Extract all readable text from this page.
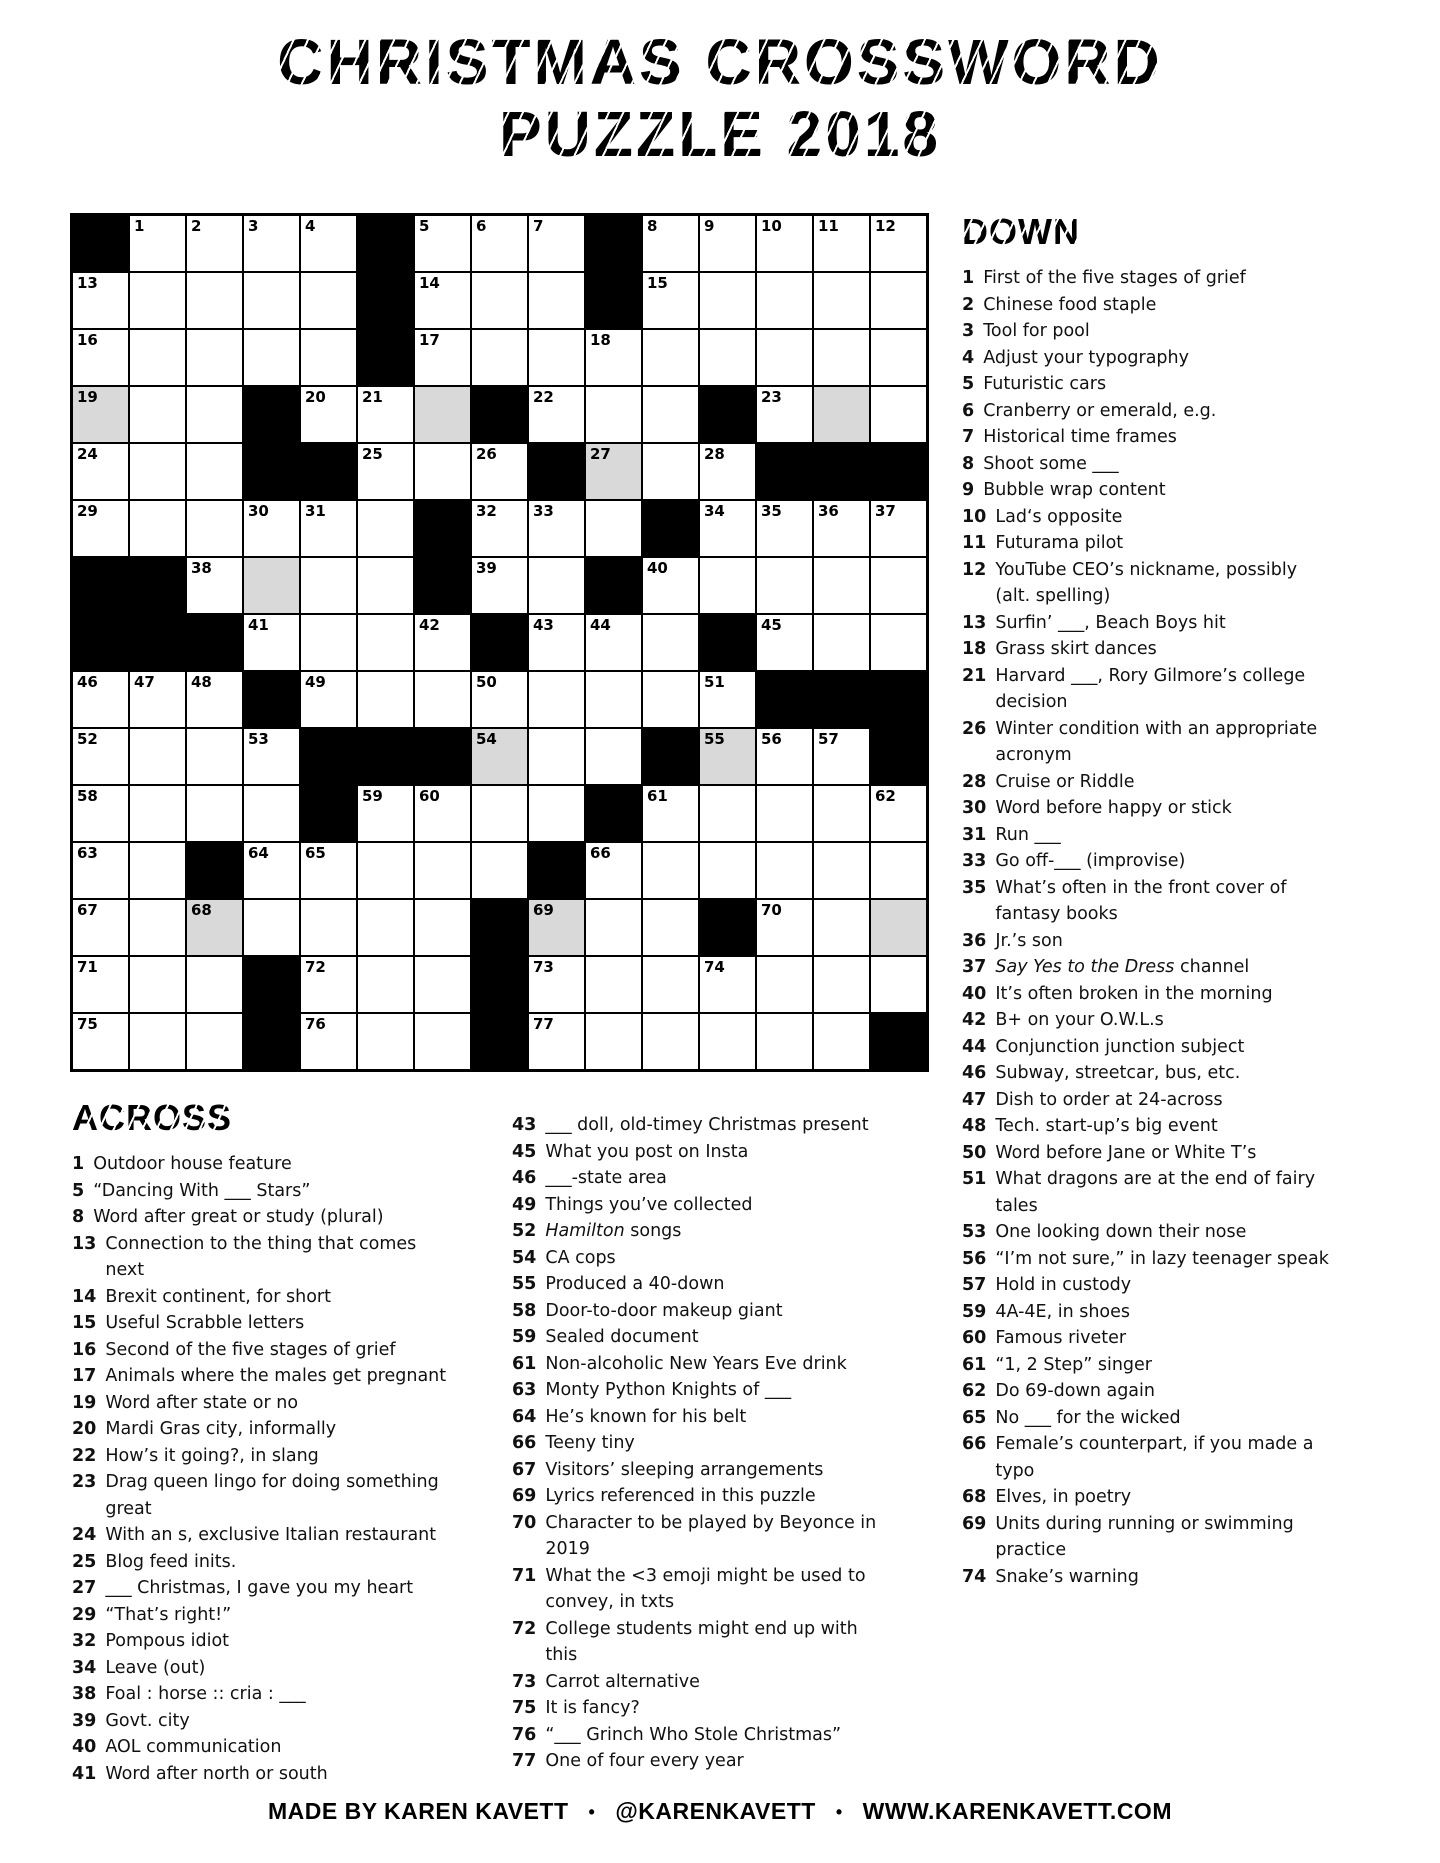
CHRISTMAS CROSSWORD
PUZZLE 2018
1	2	3	4	5	6	7	8	9	10 11 12
13	14	15
16	17	18
19	20 21	22	23
24	25	26	27	28
29	30 31	32 33	34 35 36 37
38	39	40
41	42	43 44	45
46 47 48	49	50	51
52	53	54	55 56 57
58	59 60	61	62
63	64 65	66
67	68	69	70
71	72	73	74
75	76	77
DOWN
1 First of the five stages of grief
2 Chinese food staple
3 Tool for pool
4 Adjust your typography
5 Futuristic cars
6 Cranberry or emerald, e.g.
7 Historical time frames
8 Shoot some ___
9 Bubble wrap content
10 Lad‘s opposite
11 Futurama pilot
12 YouTube CEO’s nickname, possibly
(alt. spelling)
13 Surfin’ ___, Beach Boys hit
18 Grass skirt dances
21 Harvard ___, Rory Gilmore’s college
decision
26 Winter condition with an appropriate
acronym
28 Cruise or Riddle
30 Word before happy or stick
31 Run ___
33 Go off-___ (improvise)
35 What’s often in the front cover of
fantasy books
36 Jr.’s son
37 Say Yes to the Dress channel
40 It’s often broken in the morning
42 B+ on your O.W.L.s
44 Conjunction junction subject
46 Subway, streetcar, bus, etc.
47 Dish to order at 24-across
48 Tech. start-up’s big event
50 Word before Jane or White T’s
51 What dragons are at the end of fairy
tales
53 One looking down their nose
56 “I’m not sure,” in lazy teenager speak
57 Hold in custody
59 4A-4E, in shoes
60 Famous riveter
61 “1, 2 Step” singer
62 Do 69-down again
65 No ___ for the wicked
66 Female’s counterpart, if you made a
typo
68 Elves, in poetry
69 Units during running or swimming
practice
74 Snake’s warning
ACROSS
1 Outdoor house feature
5 “Dancing With ___ Stars”
8 Word after great or study (plural)
13 Connection to the thing that comes
next
14 Brexit continent, for short
15 Useful Scrabble letters
16 Second of the five stages of grief
17 Animals where the males get pregnant
19 Word after state or no
20 Mardi Gras city, informally
22 How’s it going?, in slang
23 Drag queen lingo for doing something
great
24 With an s, exclusive Italian restaurant
25 Blog feed inits.
27 ___ Christmas, I gave you my heart
29 “That’s right!”
32 Pompous idiot
34 Leave (out)
38 Foal : horse :: cria : ___
39 Govt. city
40 AOL communication
41 Word after north or south
43 ___ doll, old-timey Christmas present
45 What you post on Insta
46 ___-state area
49 Things you’ve collected
52 Hamilton songs
54 CA cops
55 Produced a 40-down
58 Door-to-door makeup giant
59 Sealed document
61 Non-alcoholic New Years Eve drink
63 Monty Python Knights of ___
64 He’s known for his belt
66 Teeny tiny
67 Visitors’ sleeping arrangements
69 Lyrics referenced in this puzzle
70 Character to be played by Beyonce in
2019
71 What the <3 emoji might be used to
convey, in txts
72 College students might end up with
this
73 Carrot alternative
75 It is fancy?
76 “___ Grinch Who Stole Christmas”
77 One of four every year
MADE BY KAREN KAVETT • @KARENKAVETT • WWW.KARENKAVETT.COM
